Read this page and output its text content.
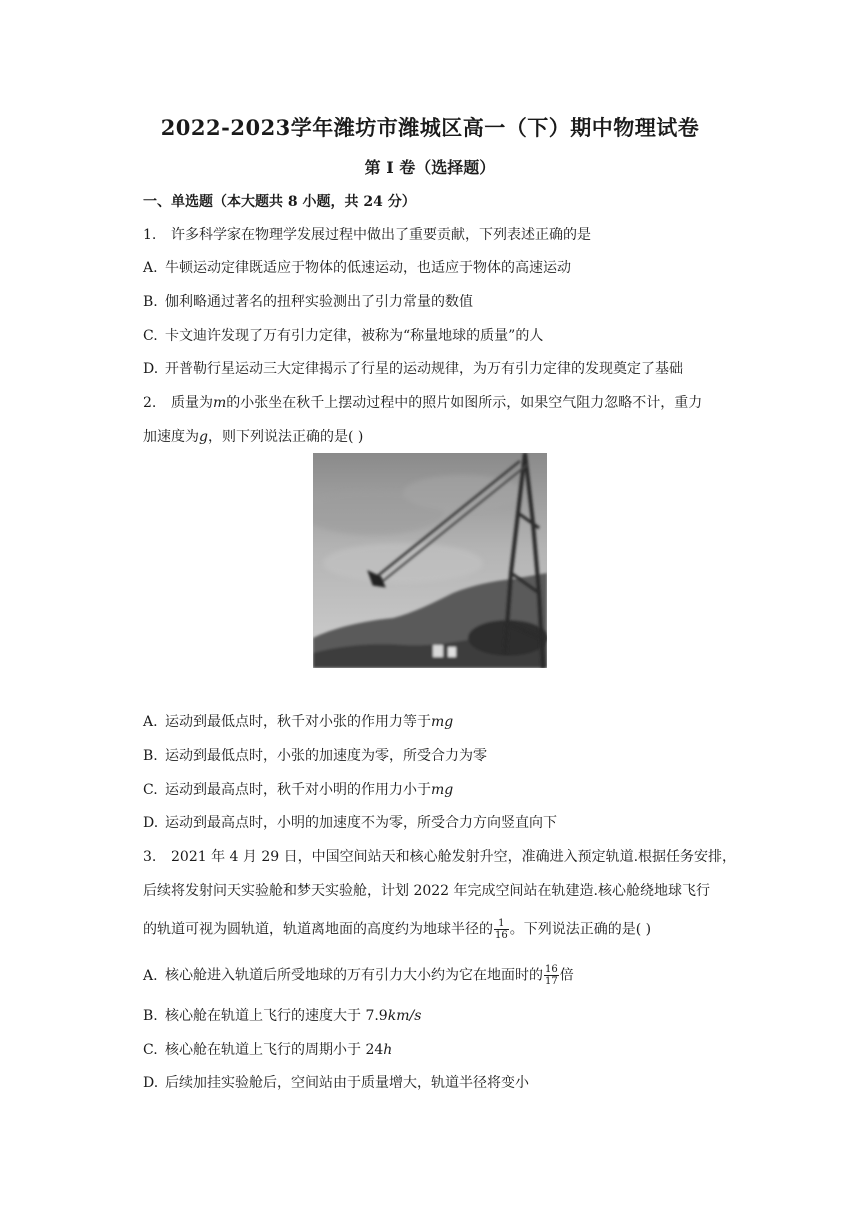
2022-2023学年潍坊市潍城区高一（下）期中物理试卷
第 I 卷（选择题）
一、单选题（本大题共 8 小题，共 24 分）
1. 许多科学家在物理学发展过程中做出了重要贡献，下列表述正确的是
A. 牛顿运动定律既适应于物体的低速运动，也适应于物体的高速运动
B. 伽利略通过著名的扭秤实验测出了引力常量的数值
C. 卡文迪许发现了万有引力定律，被称为“称量地球的质量”的人
D. 开普勒行星运动三大定律揭示了行星的运动规律，为万有引力定律的发现奠定了基础
2. 质量为m的小张坐在秋千上摆动过程中的照片如图所示，如果空气阻力忽略不计，重力
加速度为g，则下列说法正确的是( )
A. 运动到最低点时，秋千对小张的作用力等于mg
B. 运动到最低点时，小张的加速度为零，所受合力为零
C. 运动到最高点时，秋千对小明的作用力小于mg
D. 运动到最高点时，小明的加速度不为零，所受合力方向竖直向下
3. 2021 年 4 月 29 日，中国空间站天和核心舱发射升空，准确进入预定轨道.根据任务安排，
后续将发射问天实验舱和梦天实验舱，计划 2022 年完成空间站在轨建造.核心舱绕地球飞行
的轨道可视为圆轨道，轨道离地面的高度约为地球半径的 $\frac{1}{16}$ 。下列说法正确的是( )
A. 核心舱进入轨道后所受地球的万有引力大小约为它在地面时的 $\frac{16}{17}$ 倍
B. 核心舱在轨道上飞行的速度大于 7.9km/s
C. 核心舱在轨道上飞行的周期小于 24h
D. 后续加挂实验舱后，空间站由于质量增大，轨道半径将变小
